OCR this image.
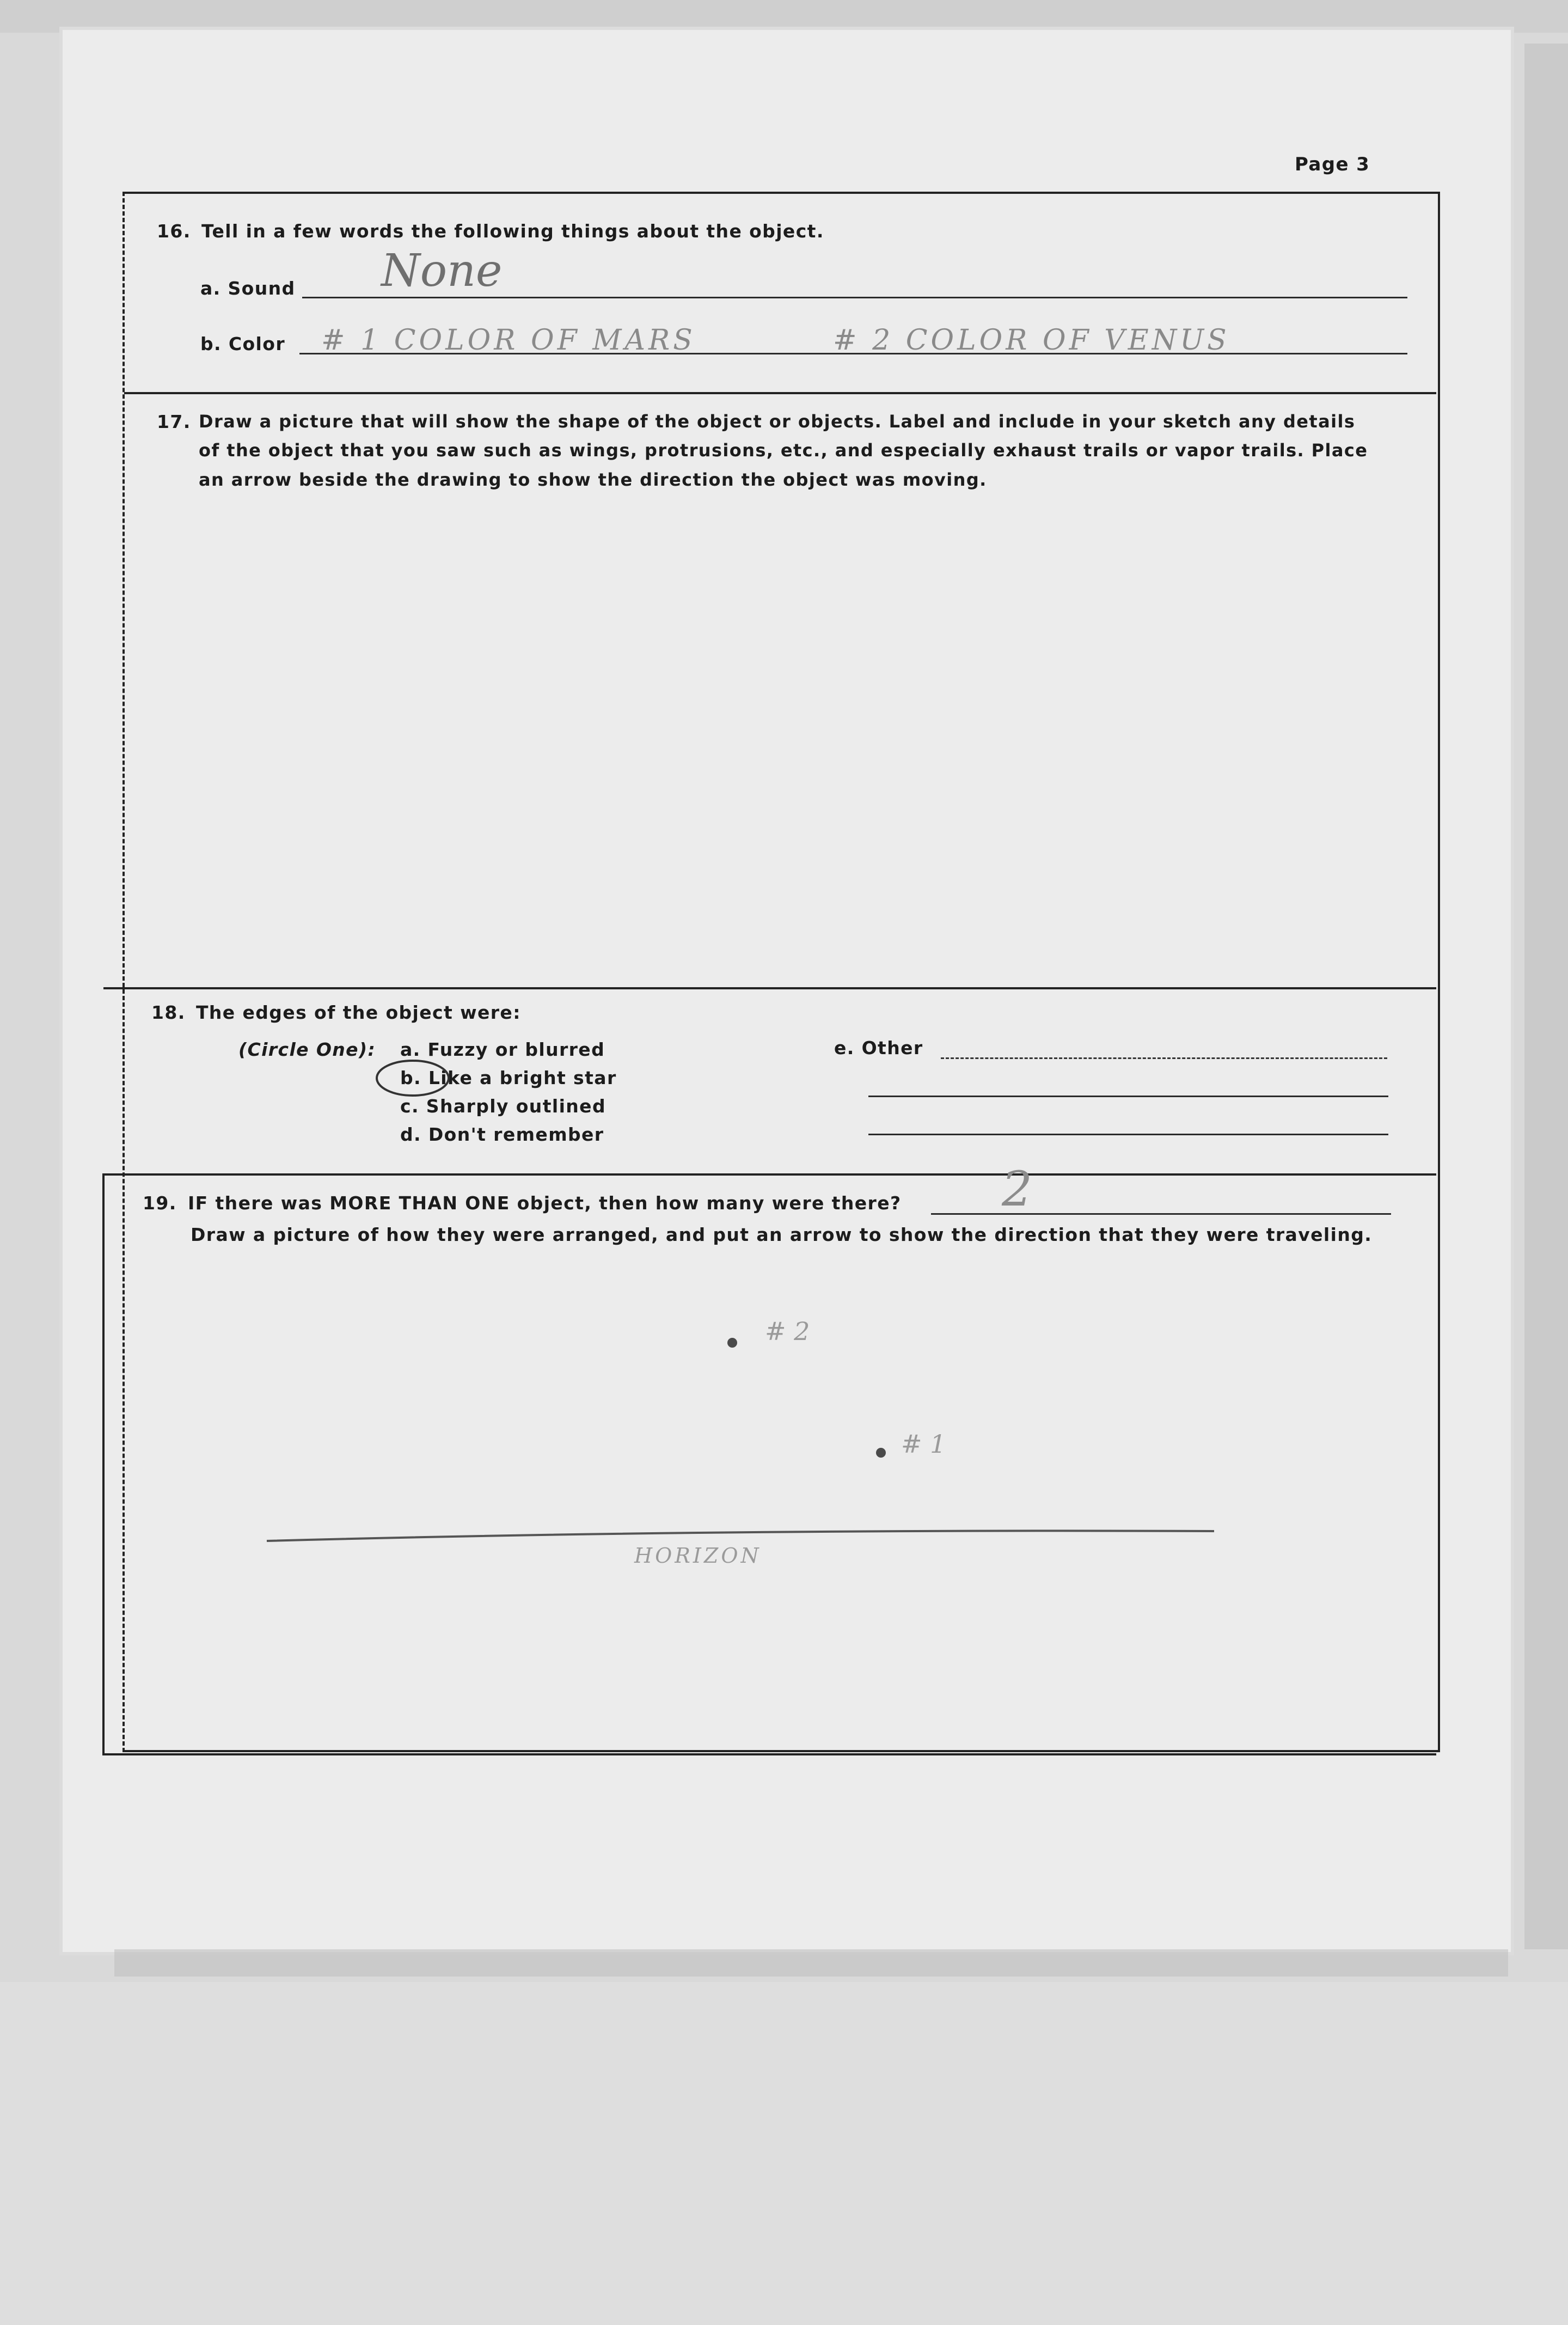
Page 3
16. Tell in a few words the following things about the object.
a. Sound None
b. Color # 1 COLOR OF MARS	# 2 COLOR OF VENUS
17. Draw a picture that will show the shape of the object or objects. Label and include in your sketch any details
of the object that you saw such as wings, protrusions, etc., and especially exhaust trails or vapor trails. Place
an arrow beside the drawing to show the direction the object was moving.
18. The edges of the object were:
(Circle One): a. Fuzzy or blurred
b. Like a bright star
c. Sharply outlined
d. Don't remember
e. Other
19. IF there was MORE THAN ONE object, then how many were there? 2
Draw a picture of how they were arranged, and put an arrow to show the direction that they were traveling.
# 2
# 1
HORIZON
